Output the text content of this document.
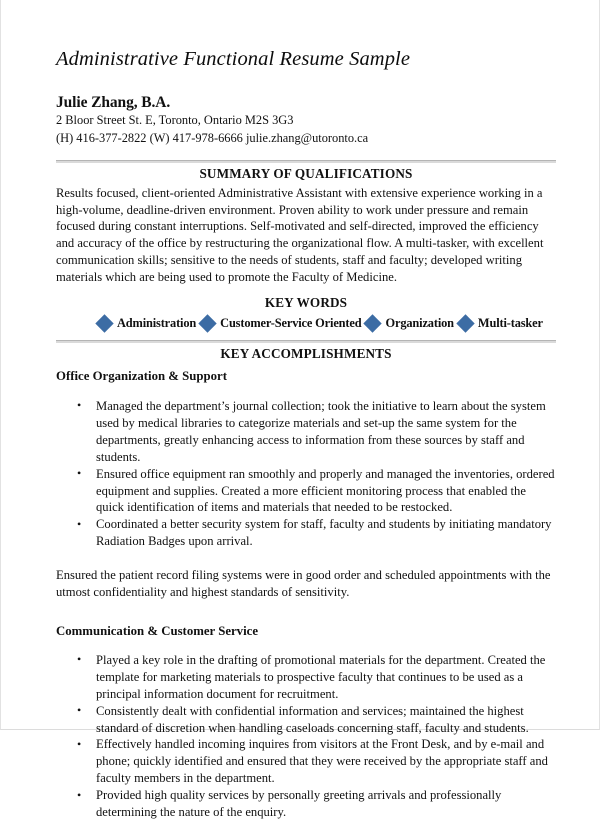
Administrative Functional Resume Sample
Julie Zhang, B.A.

2 Bloor Street St. E, Toronto, Ontario M2S 3G3

(H) 416-377-2822 (W) 417-978-6666 julie.zhang@utoronto.ca

SUMMARY OF QUALIFICATIONS

Results focused, client-oriented Administrative Assistant with extensive experience working in a high-volume, deadline-driven environment. Proven ability to work under pressure and remain focused during constant interruptions. Self-motivated and self-directed, improved the efficiency and accuracy of the office by restructuring the organizational flow. A multi-tasker, with excellent communication skills; sensitive to the needs of students, staff and faculty; developed writing materials which are being used to promote the Faculty of Medicine.

KEY WORDS
Administration Customer-Service Oriented Organization Multi-tasker
KEY ACCOMPLISHMENTS
Office Organization & Support
• Managed the department’s journal collection; took the initiative to learn about the system used by medical libraries to categorize materials and set-up the same system for the departments, greatly enhancing access to information from these sources by staff and students.
• Ensured office equipment ran smoothly and properly and managed the inventories, ordered equipment and supplies. Created a more efficient monitoring process that enabled the quick identification of items and materials that needed to be restocked.
• Coordinated a better security system for staff, faculty and students by initiating mandatory Radiation Badges upon arrival.

Ensured the patient record filing systems were in good order and scheduled appointments with the utmost confidentiality and highest standards of sensitivity.

Communication & Customer Service
• Played a key role in the drafting of promotional materials for the department. Created the template for marketing materials to prospective faculty that continues to be used as a principal information document for recruitment.
• Consistently dealt with confidential information and services; maintained the highest standard of discretion when handling caseloads concerning staff, faculty and students.
• Effectively handled incoming inquires from visitors at the Front Desk, and by e-mail and phone; quickly identified and ensured that they were received by the appropriate staff and faculty members in the department.
• Provided high quality services by personally greeting arrivals and professionally determining the nature of the enquiry.
